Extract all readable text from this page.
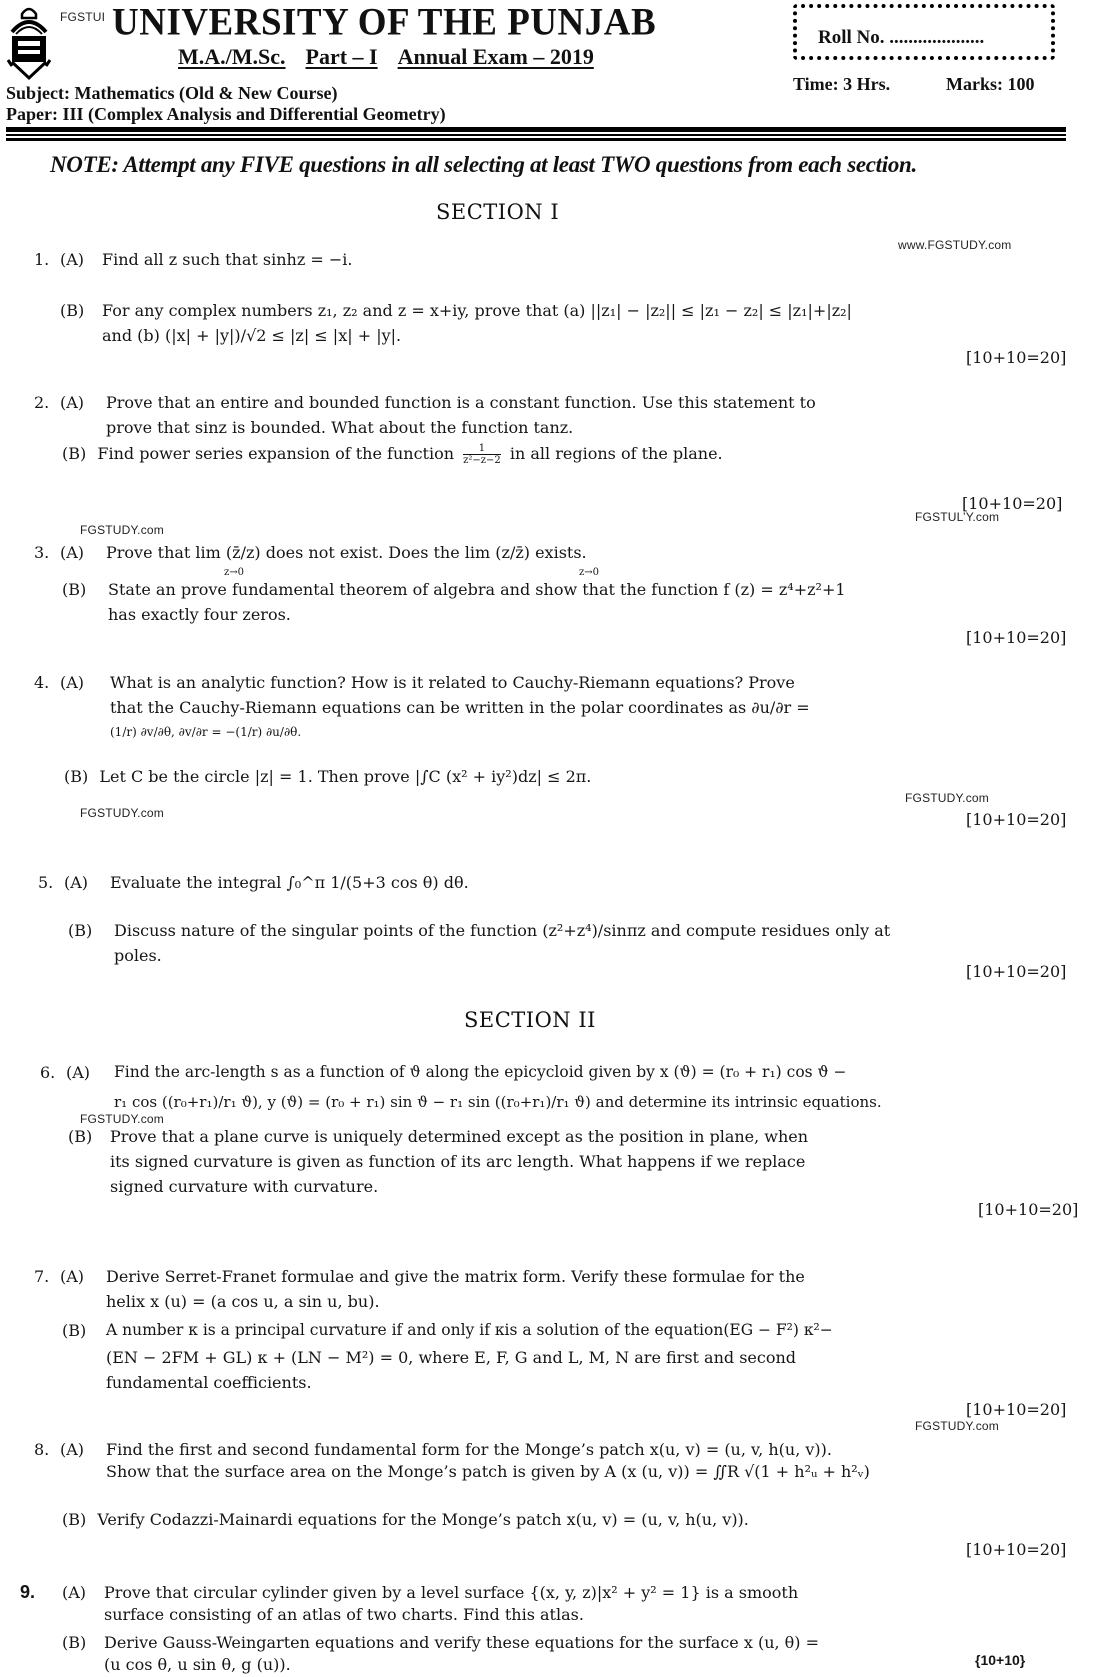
FGSTUI UNIVERSITY OF THE PUNJAB
M.A./M.Sc. Part – I Annual Exam – 2019
Subject: Mathematics (Old & New Course)
Paper: III (Complex Analysis and Differential Geometry)
Roll No. ....................
Time: 3 Hrs.	Marks: 100
NOTE: Attempt any FIVE questions in all selecting at least TWO questions from each section.
SECTION I
www.FGSTUDY.com
1. (A) Find all z such that sinhz = −i.
(B) For any complex numbers z₁, z₂ and z = x+iy, prove that (a) ||z₁| − |z₂|| ≤ |z₁ − z₂| ≤ |z₁|+|z₂|
and (b) (|x| + |y|)/√2 ≤ |z| ≤ |x| + |y|.
[10+10=20]
2. (A) Prove that an entire and bounded function is a constant function. Use this statement to
prove that sinz is bounded. What about the function tanz.
(B) Find power series expansion of the function $\frac{1}{\text{z²−z−2}}$ in all regions of the plane.
[10+10=20]
FGSTUL’Y.com
FGSTUDY.com
3. (A) Prove that lim (z̄/z) does not exist. Does the lim (z/z̄) exists.
z→0	z→0
(B) State an prove fundamental theorem of algebra and show that the function f (z) = z⁴+z²+1
has exactly four zeros.
[10+10=20]
4. (A) What is an analytic function? How is it related to Cauchy-Riemann equations? Prove
that the Cauchy-Riemann equations can be written in the polar coordinates as ∂u/∂r =
(1/r) ∂v/∂θ, ∂v/∂r = −(1/r) ∂u/∂θ.
(B) Let C be the circle |z| = 1. Then prove |∫C (x² + iy²)dz| ≤ 2π.
FGSTUDY.com
FGSTUDY.com	[10+10=20]
5. (A) Evaluate the integral ∫₀^π 1/(5+3 cos θ) dθ.
(B) Discuss nature of the singular points of the function (z²+z⁴)/sinπz and compute residues only at
poles.
[10+10=20]
SECTION II
6. (A) Find the arc-length s as a function of ϑ along the epicycloid given by x (ϑ) = (r₀ + r₁) cos ϑ −
r₁ cos ((r₀+r₁)/r₁ ϑ), y (ϑ) = (r₀ + r₁) sin ϑ − r₁ sin ((r₀+r₁)/r₁ ϑ) and determine its intrinsic equations.
FGSTUDY.com
(B) Prove that a plane curve is uniquely determined except as the position in plane, when
its signed curvature is given as function of its arc length. What happens if we replace
signed curvature with curvature.
[10+10=20]
7. (A) Derive Serret-Franet formulae and give the matrix form. Verify these formulae for the
helix x (u) = (a cos u, a sin u, bu).
(B) A number κ is a principal curvature if and only if κis a solution of the equation(EG − F²) κ²−
(EN − 2FM + GL) κ + (LN − M²) = 0, where E, F, G and L, M, N are first and second
fundamental coefficients.
[10+10=20]
FGSTUDY.com
8. (A) Find the first and second fundamental form for the Monge’s patch x(u, v) = (u, v, h(u, v)).
Show that the surface area on the Monge’s patch is given by A (x (u, v)) = ∬R √(1 + h²ᵤ + h²ᵥ)
(B) Verify Codazzi-Mainardi equations for the Monge’s patch x(u, v) = (u, v, h(u, v)).
[10+10=20]
9. (A) Prove that circular cylinder given by a level surface {(x, y, z)|x² + y² = 1} is a smooth
surface consisting of an atlas of two charts. Find this atlas.
(B) Derive Gauss-Weingarten equations and verify these equations for the surface x (u, θ) =
(u cos θ, u sin θ, g (u)).	{10+10}
